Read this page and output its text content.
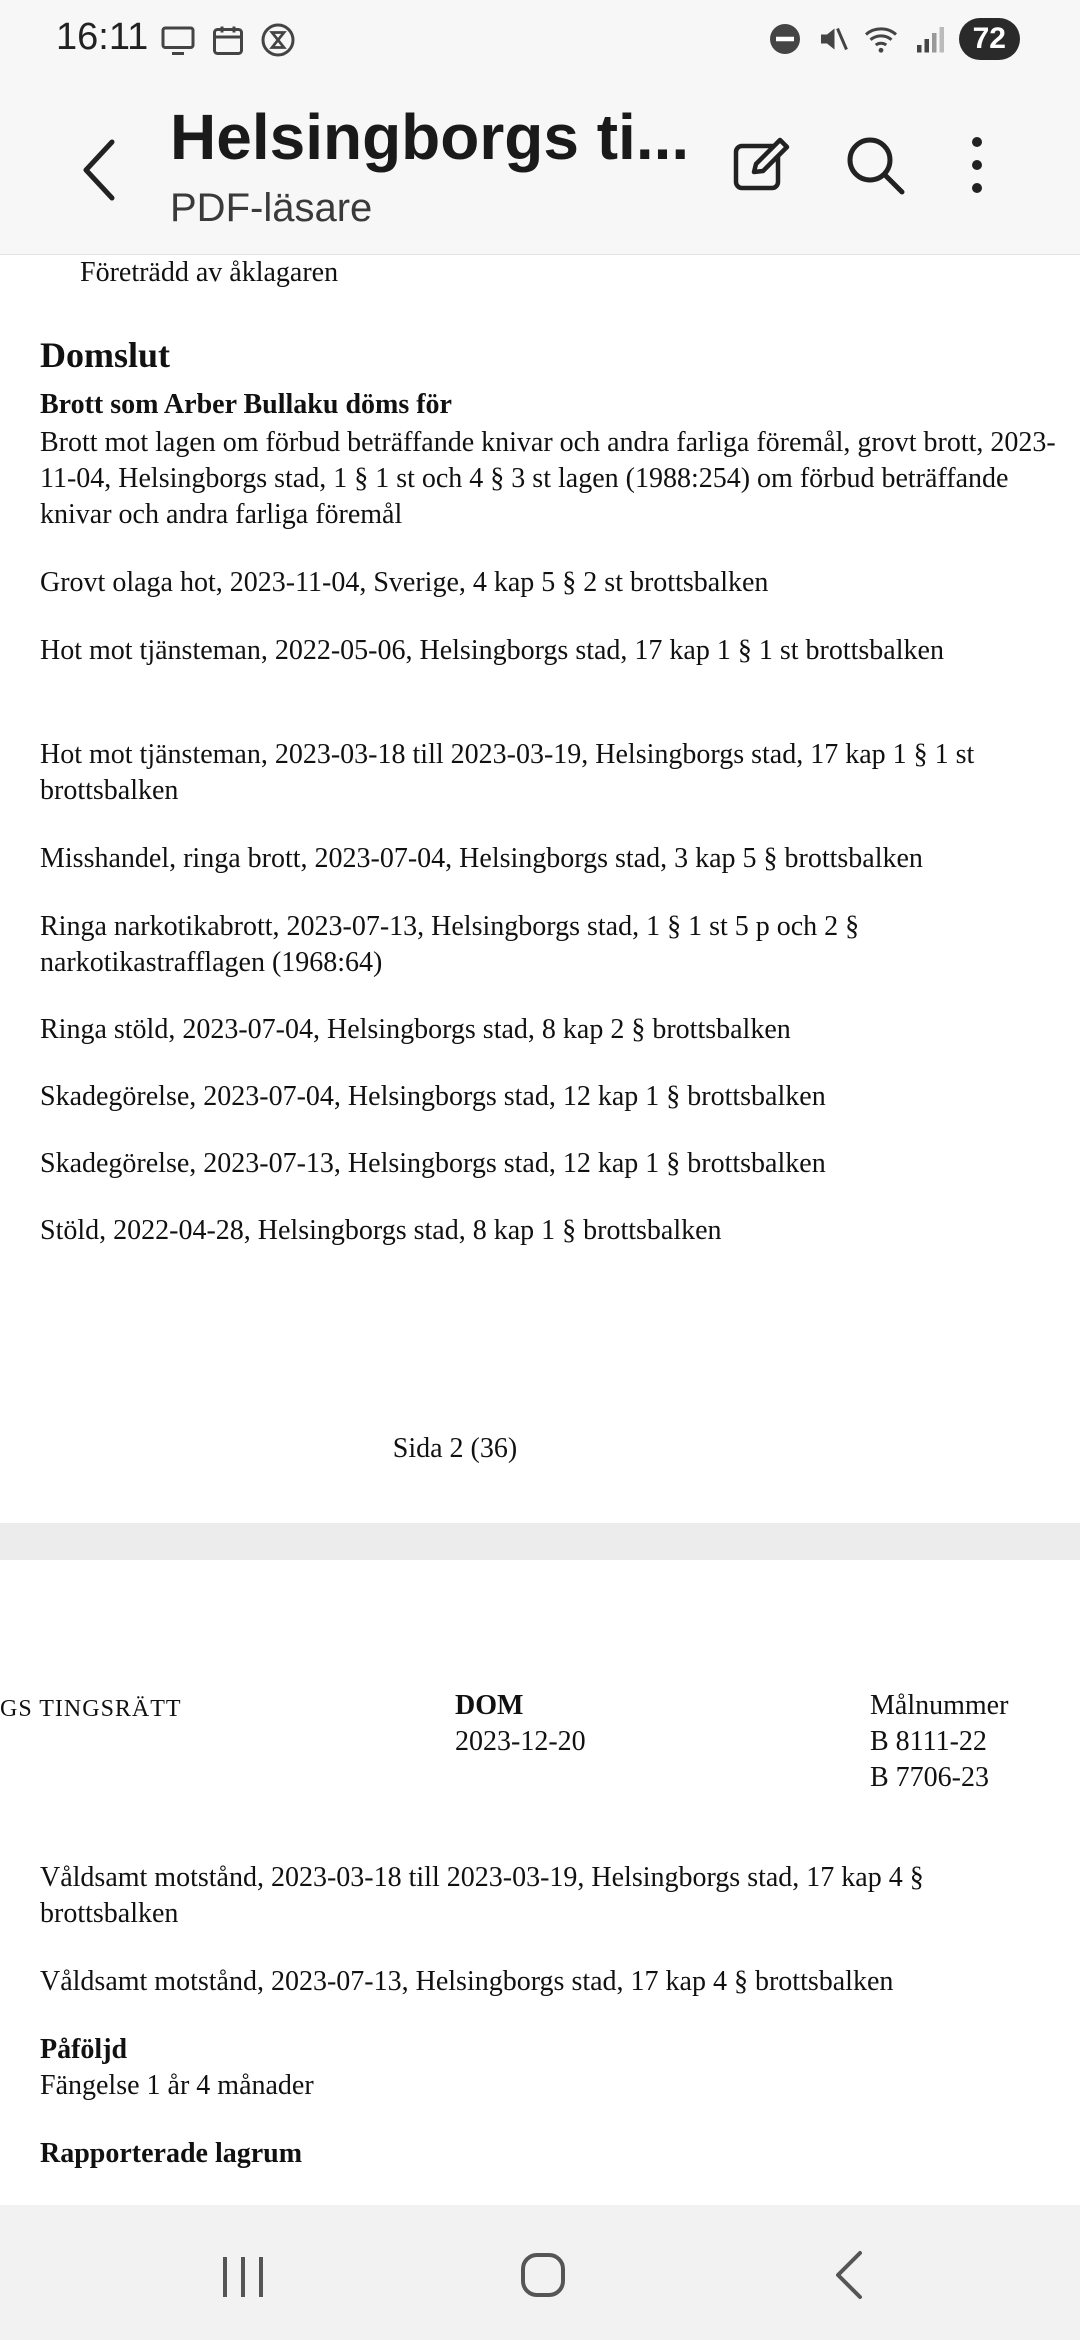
16:11	72
Helsingborgs ti...
PDF-läsare
Företrädd av åklagaren
Domslut
Brott som Arber Bullaku döms för
Brott mot lagen om förbud beträffande knivar och andra farliga föremål, grovt brott, 2023-11-04, Helsingborgs stad, 1 § 1 st och 4 § 3 st lagen (1988:254) om förbud beträffande knivar och andra farliga föremål
Grovt olaga hot, 2023-11-04, Sverige, 4 kap 5 § 2 st brottsbalken
Hot mot tjänsteman, 2022-05-06, Helsingborgs stad, 17 kap 1 § 1 st brottsbalken
Hot mot tjänsteman, 2023-03-18 till 2023-03-19, Helsingborgs stad, 17 kap 1 § 1 st brottsbalken
Misshandel, ringa brott, 2023-07-04, Helsingborgs stad, 3 kap 5 § brottsbalken
Ringa narkotikabrott, 2023-07-13, Helsingborgs stad, 1 § 1 st 5 p och 2 § narkotikastrafflagen (1968:64)
Ringa stöld, 2023-07-04, Helsingborgs stad, 8 kap 2 § brottsbalken
Skadegörelse, 2023-07-04, Helsingborgs stad, 12 kap 1 § brottsbalken
Skadegörelse, 2023-07-13, Helsingborgs stad, 12 kap 1 § brottsbalken
Stöld, 2022-04-28, Helsingborgs stad, 8 kap 1 § brottsbalken
Sida 2 (36)
GS TINGSRÄTT	DOM
2023-12-20
Målnummer
B 8111-22
B 7706-23
Våldsamt motstånd, 2023-03-18 till 2023-03-19, Helsingborgs stad, 17 kap 4 § brottsbalken
Våldsamt motstånd, 2023-07-13, Helsingborgs stad, 17 kap 4 § brottsbalken
Påföljd
Fängelse 1 år 4 månader
Rapporterade lagrum
